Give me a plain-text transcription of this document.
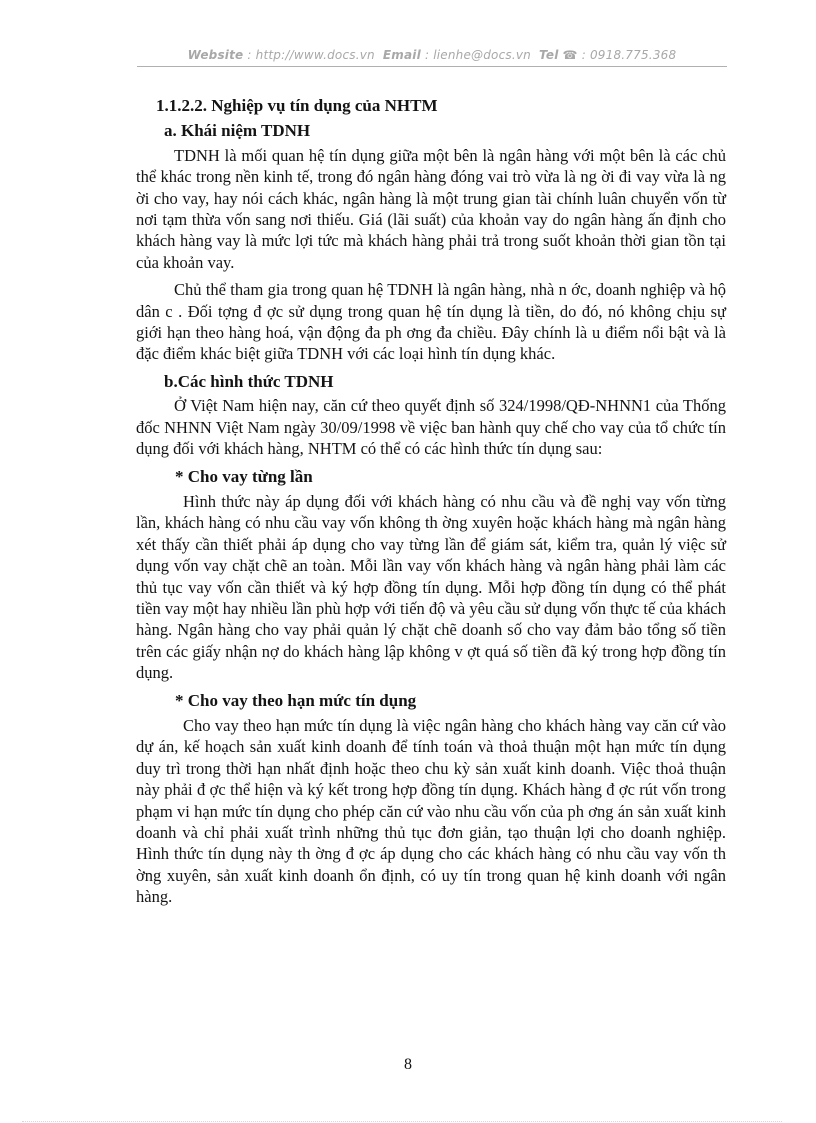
Website : http://www.docs.vn Email : lienhe@docs.vn Tel ☎ : 0918.775.368
1.1.2.2. Nghiệp vụ tín dụng của NHTM
a. Khái niệm TDNH

TDNH là mối quan hệ tín dụng giữa một bên là ngân hàng với một bên là các chủ thể khác trong nền kinh tế, trong đó ngân hàng đóng vai trò vừa là ng ời đi vay vừa là ng ời cho vay, hay nói cách khác, ngân hàng là một trung gian tài chính luân chuyển vốn từ nơi tạm thừa vốn sang nơi thiếu. Giá (lãi suất) của khoản vay do ngân hàng ấn định cho khách hàng vay là mức lợi tức mà khách hàng phải trả trong suốt khoản thời gian tồn tại của khoản vay.

Chủ thể tham gia trong quan hệ TDNH là ngân hàng, nhà n ớc, doanh nghiệp và hộ dân c . Đối tợng đ ợc sử dụng trong quan hệ tín dụng là tiền, do đó, nó không chịu sự giới hạn theo hàng hoá, vận động đa ph ơng đa chiều. Đây chính là u điểm nổi bật và là đặc điểm khác biệt giữa TDNH với các loại hình tín dụng khác.

b.Các hình thức TDNH

Ở Việt Nam hiện nay, căn cứ theo quyết định số 324/1998/QĐ-NHNN1 của Thống đốc NHNN Việt Nam ngày 30/09/1998 về việc ban hành quy chế cho vay của tổ chức tín dụng đối với khách hàng, NHTM có thể có các hình thức tín dụng sau:

* Cho vay từng lần

Hình thức này áp dụng đối với khách hàng có nhu cầu và đề nghị vay vốn từng lần, khách hàng có nhu cầu vay vốn không th ờng xuyên hoặc khách hàng mà ngân hàng xét thấy cần thiết phải áp dụng cho vay từng lần để giám sát, kiểm tra, quản lý việc sử dụng vốn vay chặt chẽ an toàn. Mỗi lần vay vốn khách hàng và ngân hàng phải làm các thủ tục vay vốn cần thiết và ký hợp đồng tín dụng. Mỗi hợp đồng tín dụng có thể phát tiền vay một hay nhiều lần phù hợp với tiến độ và yêu cầu sử dụng vốn thực tế của khách hàng. Ngân hàng cho vay phải quản lý chặt chẽ doanh số cho vay đảm bảo tổng số tiền trên các giấy nhận nợ do khách hàng lập không v ợt quá số tiền đã ký trong hợp đồng tín dụng.

* Cho vay theo hạn mức tín dụng

Cho vay theo hạn mức tín dụng là việc ngân hàng cho khách hàng vay căn cứ vào dự án, kế hoạch sản xuất kinh doanh để tính toán và thoả thuận một hạn mức tín dụng duy trì trong thời hạn nhất định hoặc theo chu kỳ sản xuất kinh doanh. Việc thoả thuận này phải đ ợc thể hiện và ký kết trong hợp đồng tín dụng. Khách hàng đ ợc rút vốn trong phạm vi hạn mức tín dụng cho phép căn cứ vào nhu cầu vốn của ph ơng án sản xuất kinh doanh và chỉ phải xuất trình những thủ tục đơn giản, tạo thuận lợi cho doanh nghiệp. Hình thức tín dụng này th ờng đ ợc áp dụng cho các khách hàng có nhu cầu vay vốn th ờng xuyên, sản xuất kinh doanh ổn định, có uy tín trong quan hệ kinh doanh với ngân hàng.

8
